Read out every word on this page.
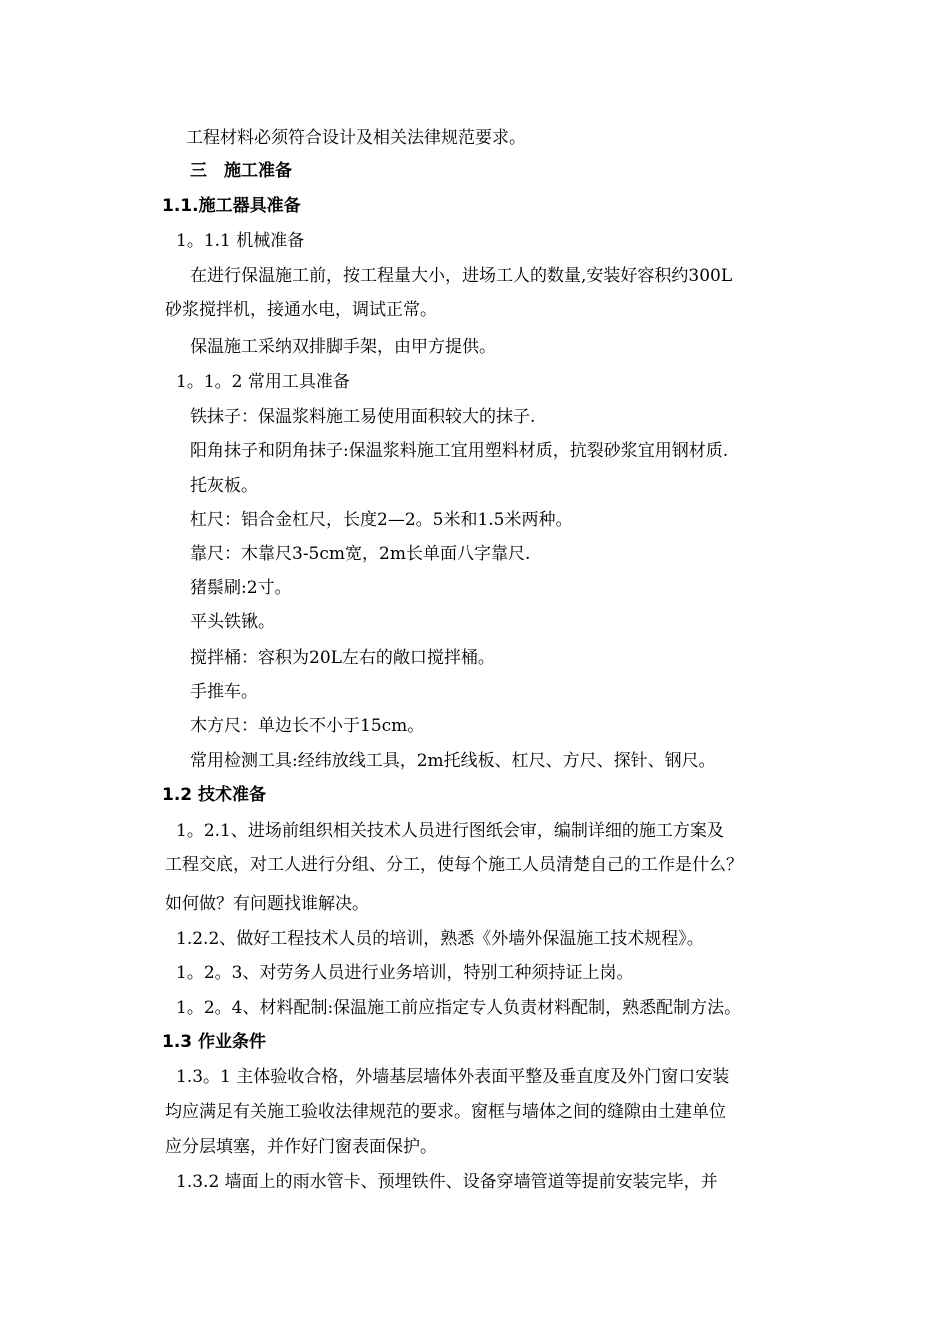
工程材料必须符合设计及相关法律规范要求。
三　施工准备
1.1.施工器具准备
1。1.1 机械准备
在进行保温施工前，按工程量大小，进场工人的数量,安装好容积约300L
砂浆搅拌机，接通水电，调试正常。
保温施工采纳双排脚手架，由甲方提供。
1。1。2 常用工具准备
铁抹子：保温浆料施工易使用面积较大的抹子.
阳角抹子和阴角抹子:保温浆料施工宜用塑料材质，抗裂砂浆宜用钢材质.
托灰板。
杠尺：铝合金杠尺，长度2—2。5米和1.5米两种。
靠尺：木靠尺3-5cm宽，2m长单面八字靠尺.
猪鬃刷:2寸。
平头铁锹。
搅拌桶：容积为20L左右的敞口搅拌桶。
手推车。
木方尺：单边长不小于15cm。
常用检测工具:经纬放线工具，2m托线板、杠尺、方尺、探针、钢尺。
1.2 技术准备
1。2.1、进场前组织相关技术人员进行图纸会审，编制详细的施工方案及
工程交底，对工人进行分组、分工，使每个施工人员清楚自己的工作是什么？
如何做？有问题找谁解决。
1.2.2、做好工程技术人员的培训，熟悉《外墙外保温施工技术规程》。
1。2。3、对劳务人员进行业务培训，特别工种须持证上岗。
1。2。4、材料配制:保温施工前应指定专人负责材料配制，熟悉配制方法。
1.3 作业条件
1.3。1 主体验收合格，外墙基层墙体外表面平整及垂直度及外门窗口安装
均应满足有关施工验收法律规范的要求。窗框与墙体之间的缝隙由土建单位
应分层填塞，并作好门窗表面保护。
1.3.2 墙面上的雨水管卡、预埋铁件、设备穿墙管道等提前安装完毕，并
